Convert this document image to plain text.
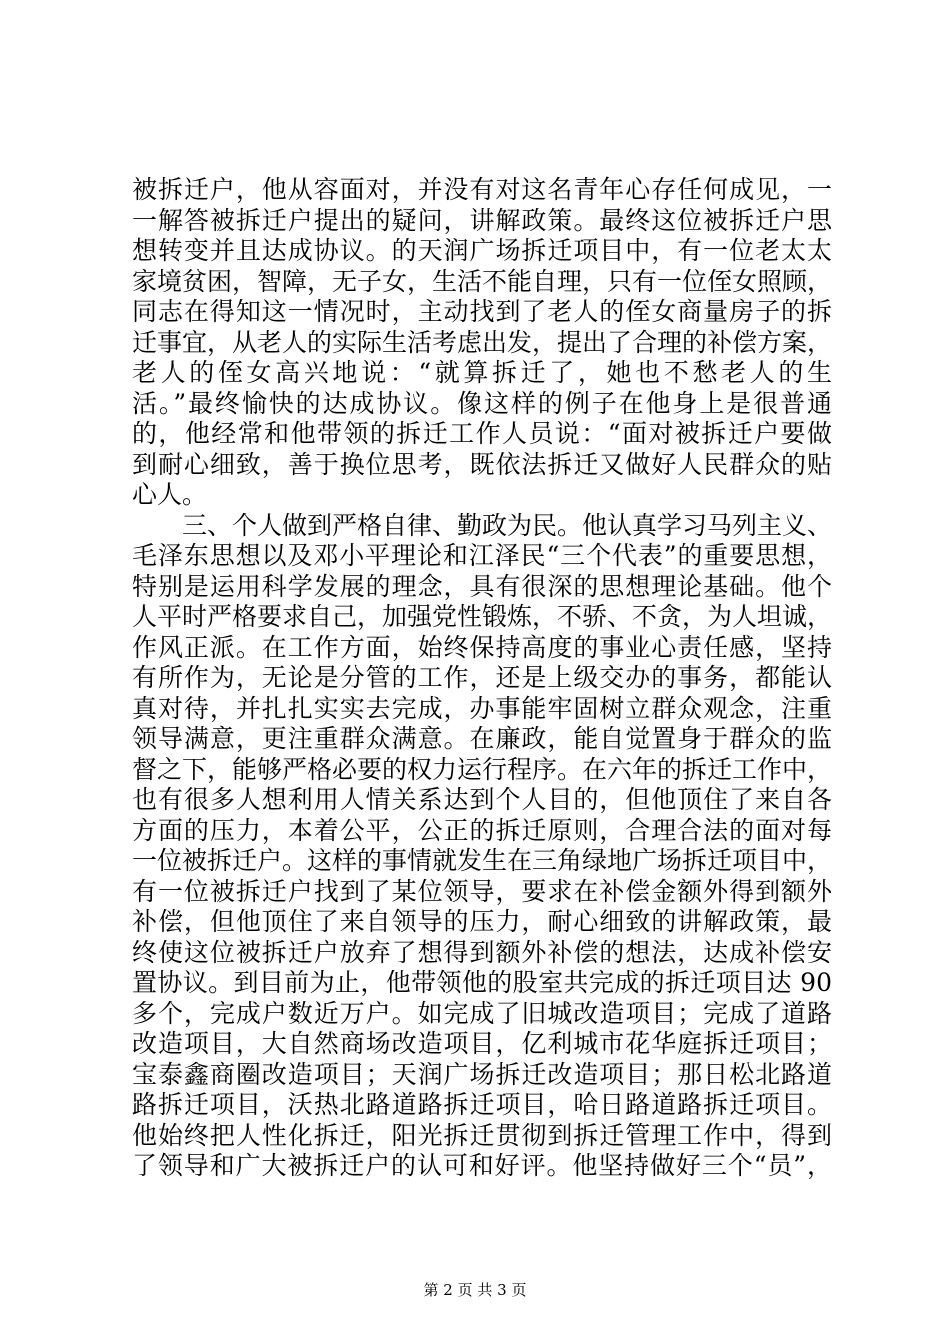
被拆迁户，他从容面对，并没有对这名青年心存任何成见，一
一解答被拆迁户提出的疑问，讲解政策。最终这位被拆迁户思
想转变并且达成协议。的天润广场拆迁项目中，有一位老太太
家境贫困，智障，无子女，生活不能自理，只有一位侄女照顾，
同志在得知这一情况时，主动找到了老人的侄女商量房子的拆
迁事宜，从老人的实际生活考虑出发，提出了合理的补偿方案，
老人的侄女高兴地说：“就算拆迁了，她也不愁老人的生
活。”最终愉快的达成协议。像这样的例子在他身上是很普通
的，他经常和他带领的拆迁工作人员说：“面对被拆迁户要做
到耐心细致，善于换位思考，既依法拆迁又做好人民群众的贴
心人。
　　三、个人做到严格自律、勤政为民。他认真学习马列主义、
毛泽东思想以及邓小平理论和江泽民“三个代表”的重要思想，
特别是运用科学发展的理念，具有很深的思想理论基础。他个
人平时严格要求自己，加强党性锻炼，不骄、不贪，为人坦诚，
作风正派。在工作方面，始终保持高度的事业心责任感，坚持
有所作为，无论是分管的工作，还是上级交办的事务，都能认
真对待，并扎扎实实去完成，办事能牢固树立群众观念，注重
领导满意，更注重群众满意。在廉政，能自觉置身于群众的监
督之下，能够严格必要的权力运行程序。在六年的拆迁工作中，
也有很多人想利用人情关系达到个人目的，但他顶住了来自各
方面的压力，本着公平，公正的拆迁原则，合理合法的面对每
一位被拆迁户。这样的事情就发生在三角绿地广场拆迁项目中，
有一位被拆迁户找到了某位领导，要求在补偿金额外得到额外
补偿，但他顶住了来自领导的压力，耐心细致的讲解政策，最
终使这位被拆迁户放弃了想得到额外补偿的想法，达成补偿安
置协议。到目前为止，他带领他的股室共完成的拆迁项目达 90
多个，完成户数近万户。如完成了旧城改造项目；完成了道路
改造项目，大自然商场改造项目，亿利城市花华庭拆迁项目；
宝泰鑫商圈改造项目；天润广场拆迁改造项目；那日松北路道
路拆迁项目，沃热北路道路拆迁项目，哈日路道路拆迁项目。
他始终把人性化拆迁，阳光拆迁贯彻到拆迁管理工作中，得到
了领导和广大被拆迁户的认可和好评。他坚持做好三个“员”，
第 2 页 共 3 页
